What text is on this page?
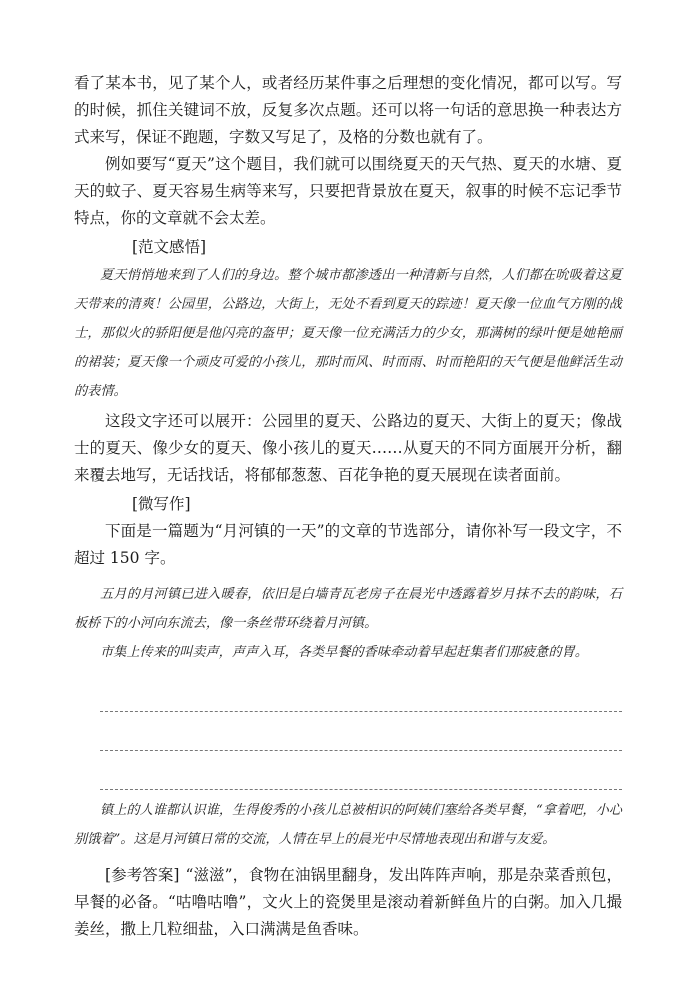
看了某本书，见了某个人，或者经历某件事之后理想的变化情况，都可以写。写的时候，抓住关键词不放，反复多次点题。还可以将一句话的意思换一种表达方式来写，保证不跑题，字数又写足了，及格的分数也就有了。

例如要写“夏天”这个题目，我们就可以围绕夏天的天气热、夏天的水塘、夏天的蚊子、夏天容易生病等来写，只要把背景放在夏天，叙事的时候不忘记季节特点，你的文章就不会太差。

[范文感悟]

夏天悄悄地来到了人们的身边。整个城市都渗透出一种清新与自然，人们都在吮吸着这夏天带来的清爽！公园里，公路边，大街上，无处不看到夏天的踪迹！夏天像一位血气方刚的战士，那似火的骄阳便是他闪亮的盔甲；夏天像一位充满活力的少女，那满树的绿叶便是她艳丽的裙装；夏天像一个顽皮可爱的小孩儿，那时而风、时而雨、时而艳阳的天气便是他鲜活生动的表情。

这段文字还可以展开：公园里的夏天、公路边的夏天、大街上的夏天；像战士的夏天、像少女的夏天、像小孩儿的夏天……从夏天的不同方面展开分析，翻来覆去地写，无话找话，将郁郁葱葱、百花争艳的夏天展现在读者面前。

[微写作]

下面是一篇题为“月河镇的一天”的文章的节选部分，请你补写一段文字，不超过 150 字。

五月的月河镇已进入暖春，依旧是白墙青瓦老房子在晨光中透露着岁月抹不去的韵味，石板桥下的小河向东流去，像一条丝带环绕着月河镇。

市集上传来的叫卖声，声声入耳，各类早餐的香味牵动着早起赶集者们那疲惫的胃。

镇上的人谁都认识谁，生得俊秀的小孩儿总被相识的阿姨们塞给各类早餐，“拿着吧，小心别饿着”。这是月河镇日常的交流，人情在早上的晨光中尽情地表现出和谐与友爱。

[参考答案] “滋滋”，食物在油锅里翻身，发出阵阵声响，那是杂菜香煎包，早餐的必备。“咕噜咕噜”，文火上的瓷煲里是滚动着新鲜鱼片的白粥。加入几撮姜丝，撒上几粒细盐，入口满满是鱼香味。
